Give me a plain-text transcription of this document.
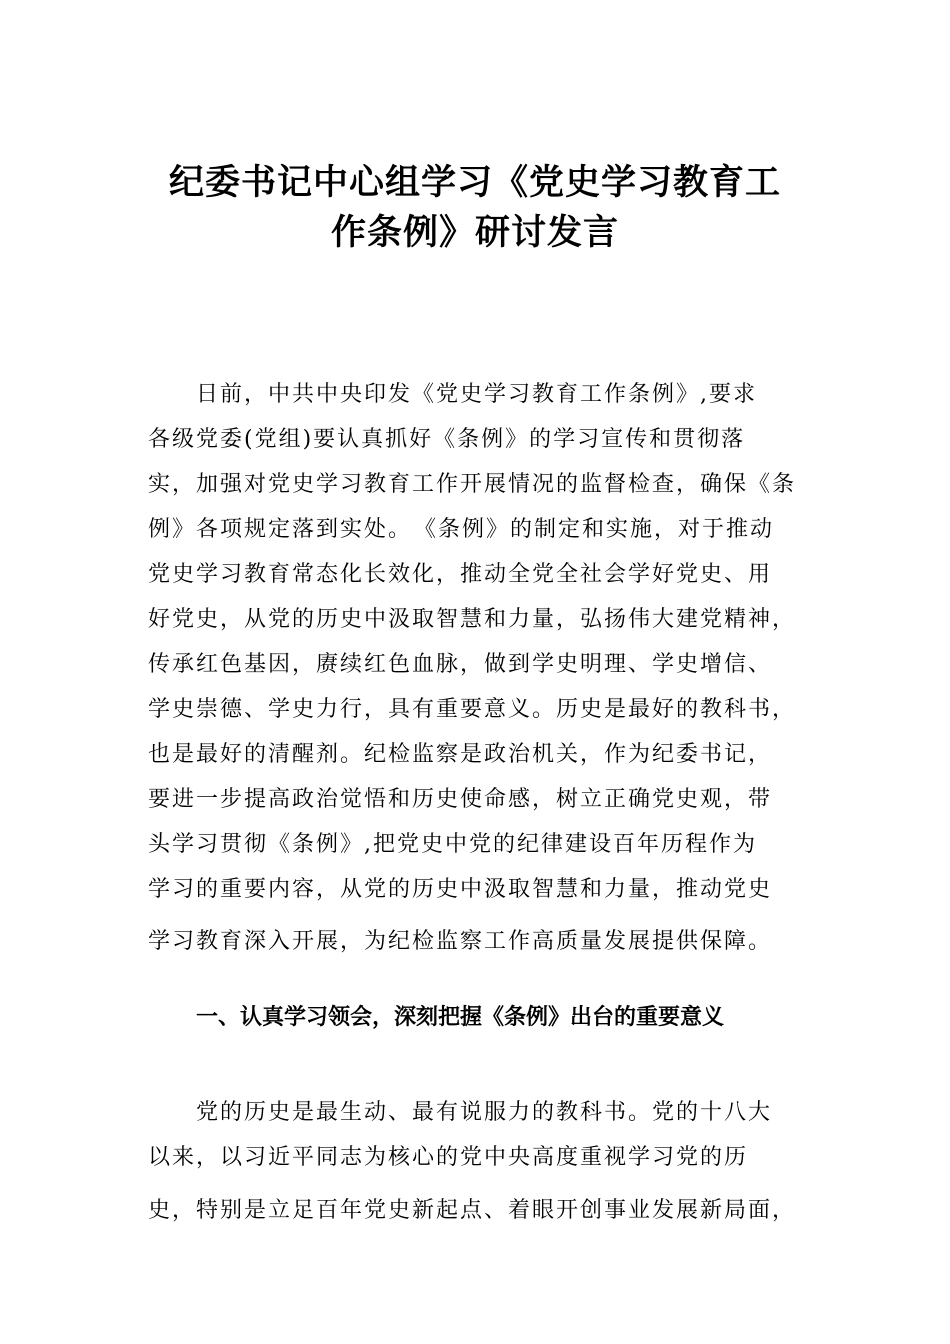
纪委书记中心组学习《党史学习教育工
作条例》研讨发言
　　日前，中共中央印发《党史学习教育工作条例》,要求
各级党委(党组)要认真抓好《条例》的学习宣传和贯彻落
实，加强对党史学习教育工作开展情况的监督检查，确保《条
例》各项规定落到实处。　《条例》的制定和实施，对于推动
党史学习教育常态化长效化，推动全党全社会学好党史、用
好党史，从党的历史中汲取智慧和力量，弘扬伟大建党精神，
传承红色基因，赓续红色血脉，做到学史明理、学史增信、
学史崇德、学史力行，具有重要意义。历史是最好的教科书，
也是最好的清醒剂。纪检监察是政治机关，作为纪委书记，
要进一步提高政治觉悟和历史使命感，树立正确党史观，带
头学习贯彻《条例》,把党史中党的纪律建设百年历程作为
学习的重要内容，从党的历史中汲取智慧和力量，推动党史
学习教育深入开展，为纪检监察工作高质量发展提供保障。
一、认真学习领会，深刻把握《条例》出台的重要意义
　　党的历史是最生动、最有说服力的教科书。党的十八大
以来，以习近平同志为核心的党中央高度重视学习党的历
史，特别是立足百年党史新起点、着眼开创事业发展新局面，
